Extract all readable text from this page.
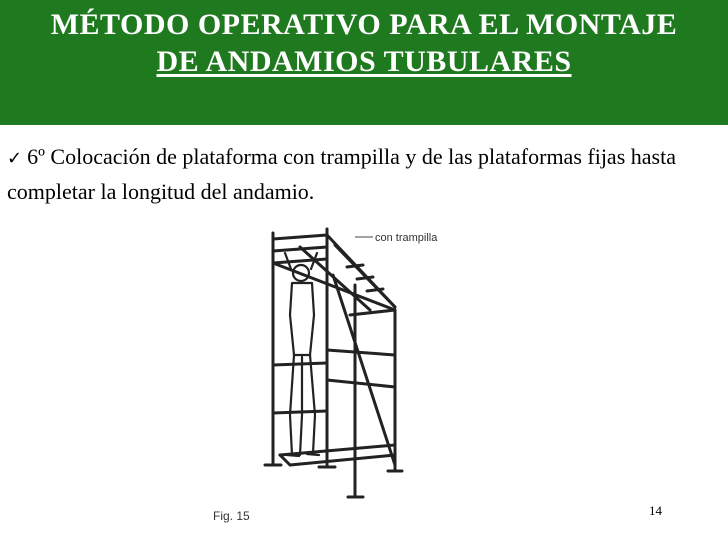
MÉTODO OPERATIVO PARA EL MONTAJE
DE ANDAMIOS TUBULARES
✓ 6º Colocación de plataforma con trampilla y de las plataformas fijas hasta completar la longitud del andamio.
con trampilla
Fig. 15	14
